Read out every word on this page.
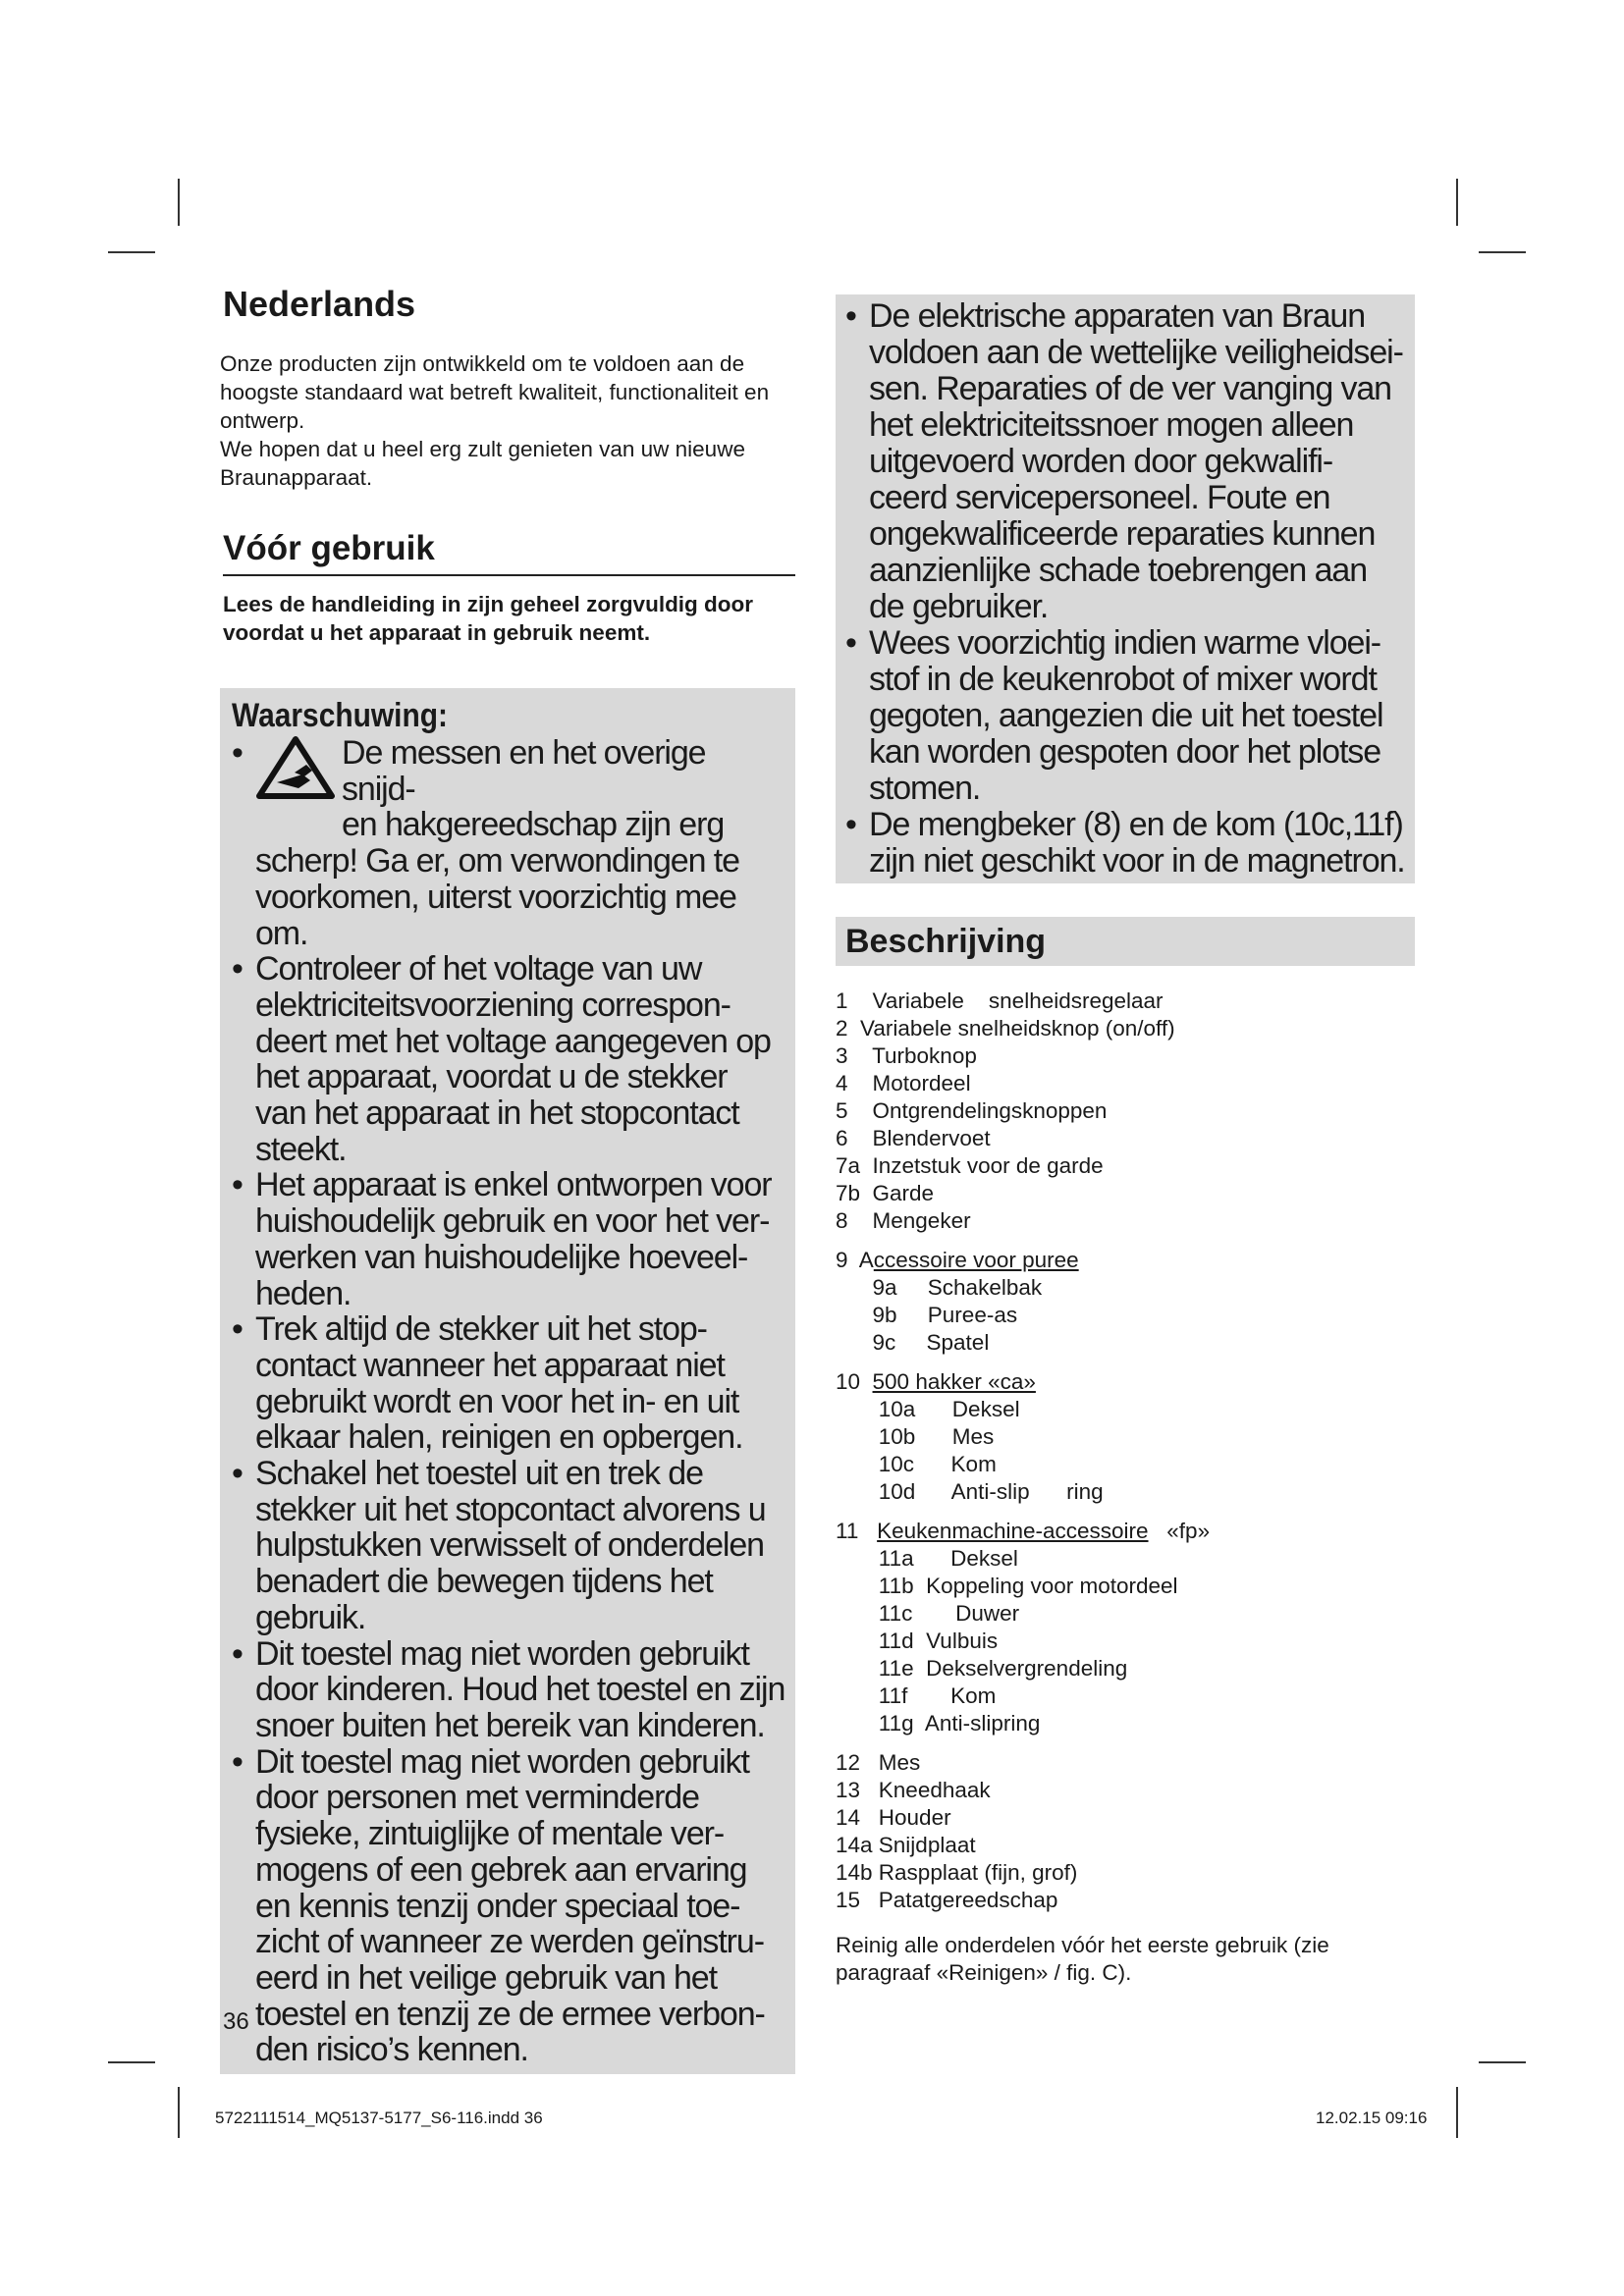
Nederlands

Onze producten zijn ontwikkeld om te voldoen aan de hoogste standaard wat betreft kwaliteit, functionaliteit en ontwerp.

We hopen dat u heel erg zult genieten van uw nieuwe Braunapparaat.

Vóór gebruik
Lees de handleiding in zijn geheel zorgvuldig door voordat u het apparaat in gebruik neemt.
Waarschuwing:
• De messen en het overige snijd-
en hakgereedschap zijn erg
scherp! Ga er, om verwondingen te voorkomen, uiterst voorzichtig mee om.
• Controleer of het voltage van uw elektriciteitsvoorziening correspon-deert met het voltage aangegeven op het apparaat, voordat u de stekker van het apparaat in het stopcontact steekt.
• Het apparaat is enkel ontworpen voor huishoudelijk gebruik en voor het ver-werken van huishoudelijke hoeveel-heden.
• Trek altijd de stekker uit het stop-contact wanneer het apparaat niet gebruikt wordt en voor het in- en uit elkaar halen, reinigen en opbergen.
• Schakel het toestel uit en trek de stekker uit het stopcontact alvorens u hulpstukken verwisselt of onderdelen benadert die bewegen tijdens het gebruik.
• Dit toestel mag niet worden gebruikt door kinderen. Houd het toestel en zijn snoer buiten het bereik van kinderen.
• Dit toestel mag niet worden gebruikt door personen met verminderde fysieke, zintuiglijke of mentale ver-mogens of een gebrek aan ervaring en kennis tenzij onder speciaal toe-zicht of wanneer ze werden geïnstru-eerd in het veilige gebruik van het toestel en tenzij ze de ermee verbon-den risico’s kennen.
• De elektrische apparaten van Braun voldoen aan de wettelijke veiligheidsei-sen. Reparaties of de ver vanging van het elektriciteitssnoer mogen alleen uitgevoerd worden door gekwalifi-ceerd servicepersoneel. Foute en ongekwalificeerde reparaties kunnen aanzienlijke schade toebrengen aan de gebruiker.
• Wees voorzichtig indien warme vloei-stof in de keukenrobot of mixer wordt gegoten, aangezien die uit het toestel kan worden gespoten door het plotse stomen.
• De mengbeker (8) en de kom (10c,11f) zijn niet geschikt voor in de magnetron.
Beschrijving
1    Variabele    snelheidsregelaar
2  Variabele snelheidsknop (on/off)
3    Turboknop
4    Motordeel
5    Ontgrendelingsknoppen
6    Blendervoet
7a  Inzetstuk voor de garde
7b  Garde
8    Mengeker
9  Accessoire voor puree
9a     Schakelbak
9b     Puree-as
9c     Spatel
10  500 hakker «ca»
10a      Deksel
10b      Mes
10c      Kom
10d      Anti-slip      ring
11   Keukenmachine-accessoire   «fp»
11a      Deksel
11b  Koppeling voor motordeel
11c       Duwer
11d  Vulbuis
11e  Dekselvergrendeling
11f       Kom
11g  Anti-slipring
12   Mes
13   Kneedhaak
14   Houder
14a Snijdplaat
14b Raspplaat (fijn, grof)
15   Patatgereedschap
Reinig alle onderdelen vóór het eerste gebruik (zie paragraaf «Reinigen» / fig. C).
36
5722111514_MQ5137-5177_S6-116.indd 36	12.02.15 09:16
